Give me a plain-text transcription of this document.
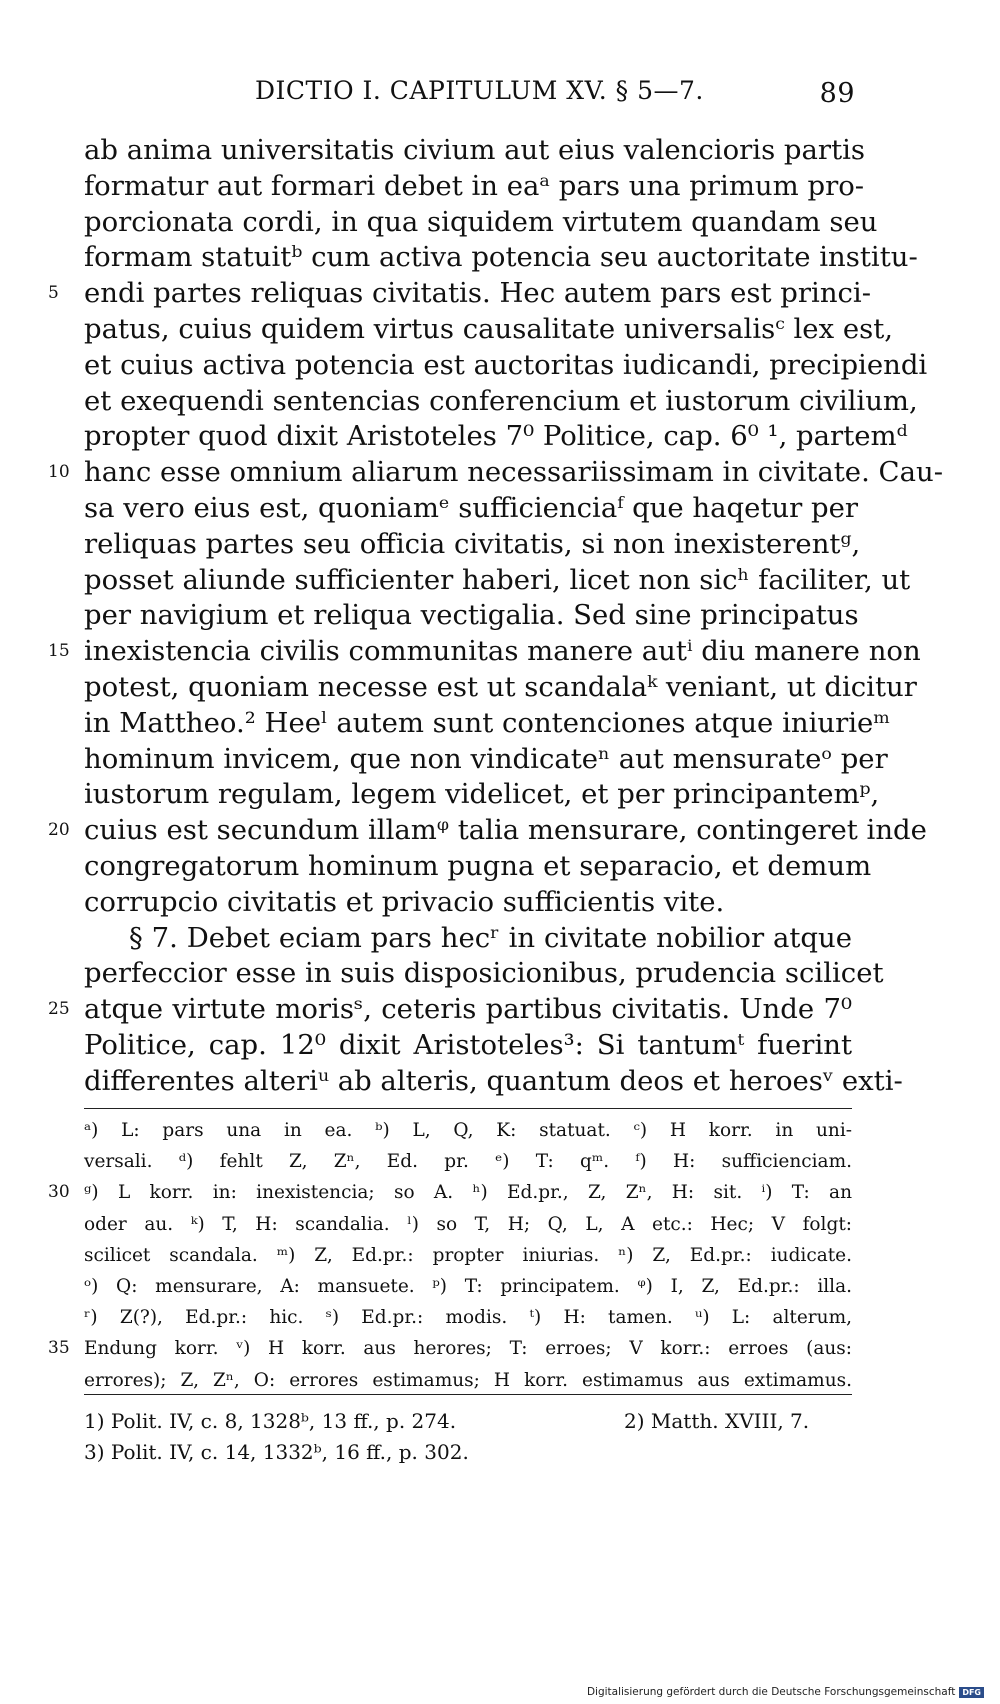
DICTIO I. CAPITULUM XV. § 5—7.	89
ab anima universitatis civium aut eius valencioris partis
formatur aut formari debet in eaᵃ pars una primum pro-
porcionata cordi, in qua siquidem virtutem quandam seu
formam statuitᵇ cum activa potencia seu auctoritate institu-
5 endi partes reliquas civitatis. Hec autem pars est princi-
patus, cuius quidem virtus causalitate universalisᶜ lex est,
et cuius activa potencia est auctoritas iudicandi, precipiendi
et exequendi sentencias conferencium et iustorum civilium,
propter quod dixit Aristoteles 7⁰ Politice, cap. 6⁰ ¹, partemᵈ
10 hanc esse omnium aliarum necessariissimam in civitate. Cau-
sa vero eius est, quoniamᵉ sufficienciaᶠ que haqetur per
reliquas partes seu officia civitatis, si non inexisterentᵍ,
posset aliunde sufficienter haberi, licet non sicʰ faciliter, ut
per navigium et reliqua vectigalia. Sed sine principatus
15 inexistencia civilis communitas manere autⁱ diu manere non
potest, quoniam necesse est ut scandalaᵏ veniant, ut dicitur
in Mattheo.² Heeˡ autem sunt contenciones atque iniurieᵐ
hominum invicem, que non vindicateⁿ aut mensurateᵒ per
iustorum regulam, legem videlicet, et per principantemᵖ,
20 cuius est secundum illamᵠ talia mensurare, contingeret inde
congregatorum hominum pugna et separacio, et demum
corrupcio civitatis et privacio sufficientis vite.
§ 7. Debet eciam pars hecʳ in civitate nobilior atque
perfeccior esse in suis disposicionibus, prudencia scilicet
25 atque virtute morisˢ, ceteris partibus civitatis. Unde 7⁰
Politice, cap. 12⁰ dixit Aristoteles³: Si tantumᵗ fuerint
differentes alteriᵘ ab alteris, quantum deos et heroesᵛ exti-
ᵃ) L: pars una in ea. ᵇ) L, Q, K: statuat. ᶜ) H korr. in uni-
versali. ᵈ) fehlt Z, Zⁿ, Ed. pr. ᵉ) T: qᵐ. ᶠ) H: sufficienciam.
30 ᵍ) L korr. in: inexistencia; so A. ʰ) Ed.pr., Z, Zⁿ, H: sit. ⁱ) T: an
oder au. ᵏ) T, H: scandalia. ˡ) so T, H; Q, L, A etc.: Hec; V folgt:
scilicet scandala. ᵐ) Z, Ed.pr.: propter iniurias. ⁿ) Z, Ed.pr.: iudicate.
ᵒ) Q: mensurare, A: mansuete. ᵖ) T: principatem. ᵠ) I, Z, Ed.pr.: illa.
ʳ) Z(?), Ed.pr.: hic. ˢ) Ed.pr.: modis. ᵗ) H: tamen. ᵘ) L: alterum,
35 Endung korr. ᵛ) H korr. aus herores; T: erroes; V korr.: erroes (aus:
errores); Z, Zⁿ, O: errores estimamus; H korr. estimamus aus extimamus.
1) Polit. IV, c. 8, 1328ᵇ, 13 ff., p. 274.	2) Matth. XVIII, 7.
3) Polit. IV, c. 14, 1332ᵇ, 16 ff., p. 302.
Digitalisierung gefördert durch die Deutsche Forschungsgemeinschaft DFG
